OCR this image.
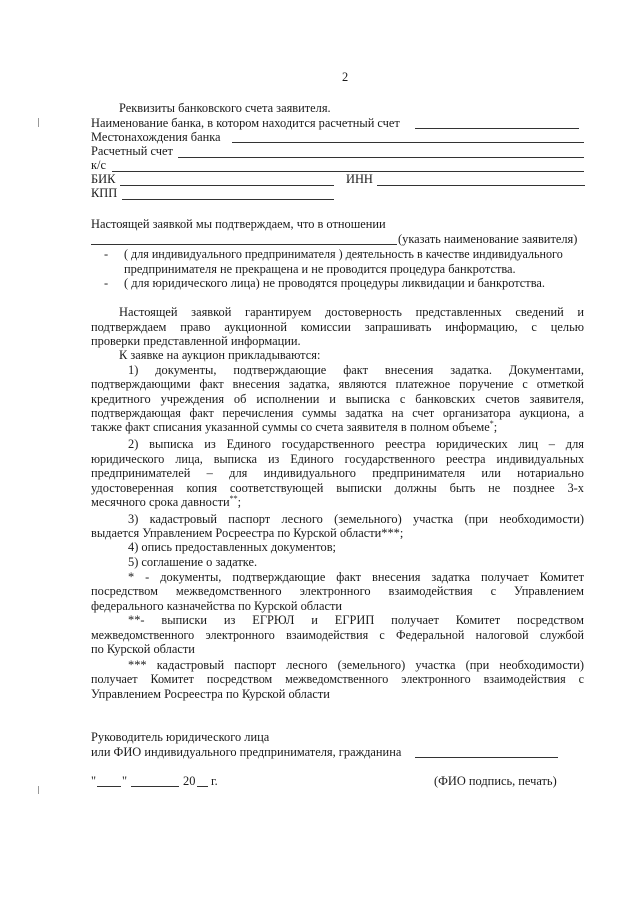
2
Реквизиты банковского счета заявителя.
Наименование банка, в котором находится расчетный счет
Местонахождения банка
Расчетный счет
к/с
БИК	ИНН
КПП
Настоящей заявкой мы подтверждаем, что в отношении
(указать наименование заявителя)
- ( для индивидуального предпринимателя ) деятельность в качестве индивидуального
предпринимателя не прекращена и не проводится процедура банкротства.
- ( для юридического лица) не проводятся процедуры ликвидации и банкротства.
Настоящей заявкой гарантируем достоверность представленных сведений и
подтверждаем право аукционной комиссии запрашивать информацию, с целью
проверки представленной информации.
К заявке на аукцион прикладываются:
1) документы, подтверждающие факт внесения задатка. Документами,
подтверждающими факт внесения задатка, являются платежное поручение с отметкой
кредитного учреждения об исполнении и выписка с банковских счетов заявителя,
подтверждающая факт перечисления суммы задатка на счет организатора аукциона, а
также факт списания указанной суммы со счета заявителя в полном объеме*;
2) выписка из Единого государственного реестра юридических лиц – для
юридического лица, выписка из Единого государственного реестра индивидуальных
предпринимателей – для индивидуального предпринимателя или нотариально
удостоверенная копия соответствующей выписки должны быть не позднее 3-х
месячного срока давности**;
3) кадастровый паспорт лесного (земельного) участка (при необходимости)
выдается Управлением Росреестра по Курской области***;
4) опись предоставленных документов;
5) соглашение о задатке.
* - документы, подтверждающие факт внесения задатка получает Комитет
посредством межведомственного электронного взаимодействия с Управлением
федерального казначейства по Курской области
**- выписки из ЕГРЮЛ и ЕГРИП получает Комитет посредством
межведомственного электронного взаимодействия с Федеральной налоговой службой
по Курской области
*** кадастровый паспорт лесного (земельного) участка (при необходимости)
получает Комитет посредством межведомственного электронного взаимодействия с
Управлением Росреестра по Курской области
Руководитель юридического лица
или ФИО индивидуального предпринимателя, гражданина
" "	20 г.	(ФИО подпись, печать)
